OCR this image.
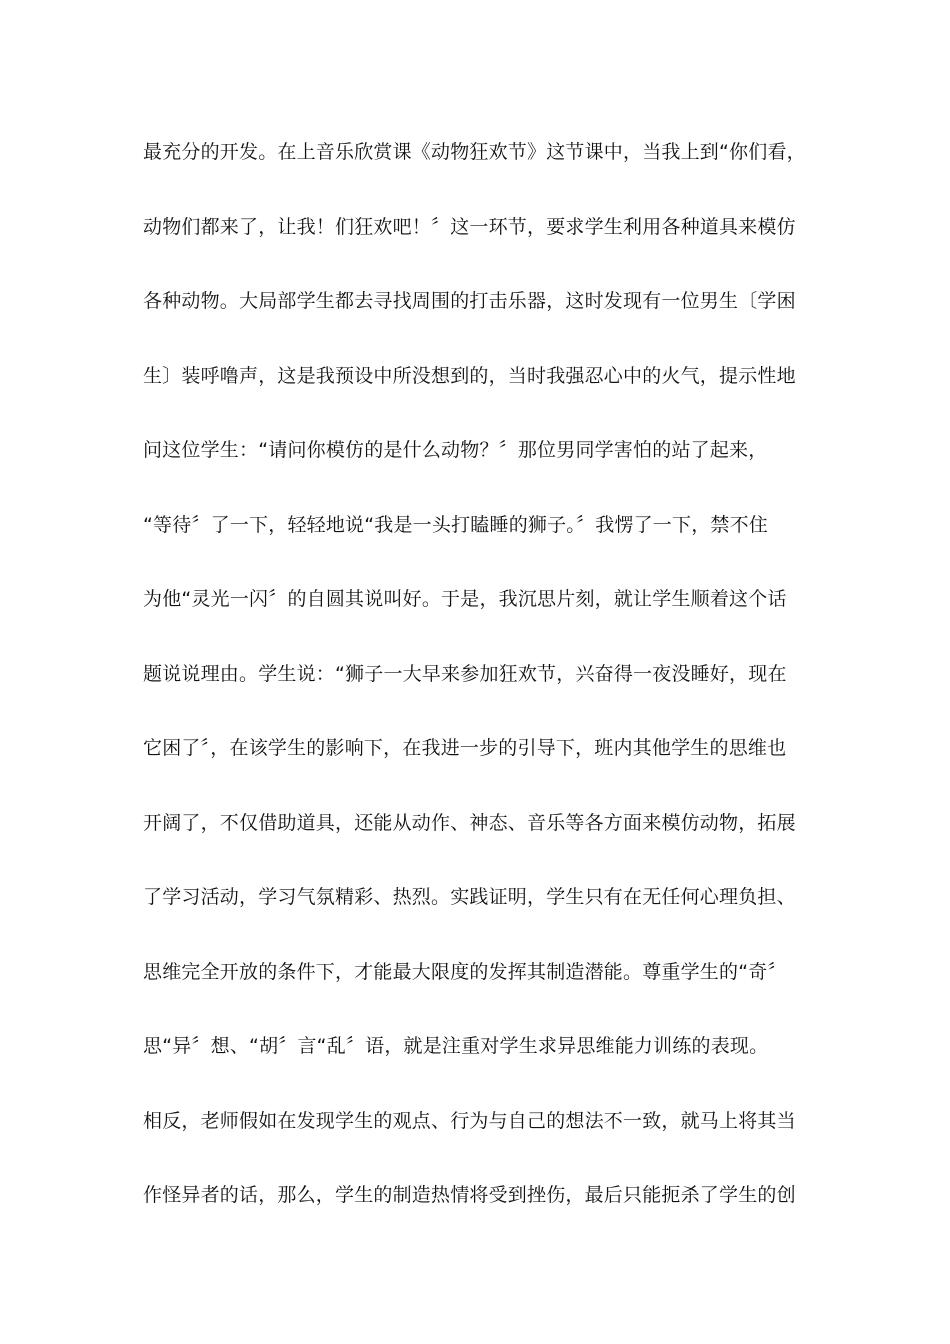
最充分的开发。在上音乐欣赏课《动物狂欢节》这节课中，当我上到“你们看，
动物们都来了，让我！们狂欢吧！〞这一环节，要求学生利用各种道具来模仿
各种动物。大局部学生都去寻找周围的打击乐器，这时发现有一位男生〔学困
生〕装呼噜声，这是我预设中所没想到的，当时我强忍心中的火气，提示性地
问这位学生：“请问你模仿的是什么动物？〞那位男同学害怕的站了起来，
“等待〞了一下，轻轻地说“我是一头打瞌睡的狮子。〞我愣了一下，禁不住
为他“灵光一闪〞的自圆其说叫好。于是，我沉思片刻，就让学生顺着这个话
题说说理由。学生说：“狮子一大早来参加狂欢节，兴奋得一夜没睡好，现在
它困了〞，在该学生的影响下，在我进一步的引导下，班内其他学生的思维也
开阔了，不仅借助道具，还能从动作、神态、音乐等各方面来模仿动物，拓展
了学习活动，学习气氛精彩、热烈。实践证明，学生只有在无任何心理负担、
思维完全开放的条件下，才能最大限度的发挥其制造潜能。尊重学生的“奇〞
思“异〞想、“胡〞言“乱〞语，就是注重对学生求异思维能力训练的表现。
相反，老师假如在发现学生的观点、行为与自己的想法不一致，就马上将其当
作怪异者的话，那么，学生的制造热情将受到挫伤，最后只能扼杀了学生的创
